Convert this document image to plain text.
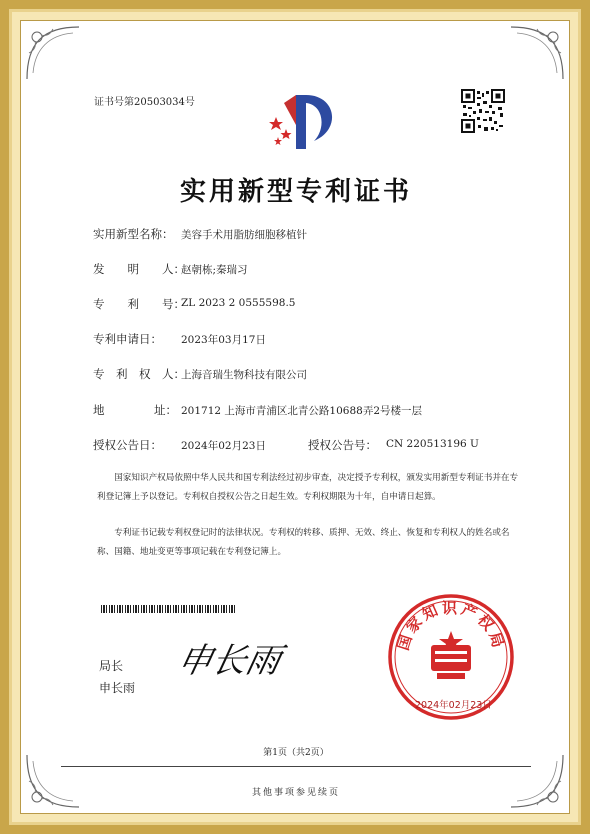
证书号第20503034号
实用新型专利证书
实用新型名称： 美容手术用脂肪细胞移植针
发　　明　　人：
赵朝栋;秦瑞习
专　　利　　号：
ZL 2023 2 0555598.5
专利申请日： 2023年03月17日
专　利　权　人：
上海音瑞生物科技有限公司
地	址： 201712 上海市青浦区北青公路10688弄2号楼一层
授权公告日： 2024年02月23日	授权公告号： CN 220513196 U
国家知识产权局依照中华人民共和国专利法经过初步审查，决定授予专利权，颁发实用新型专利证书并在专利登记簿上予以登记。专利权自授权公告之日起生效。专利权期限为十年，自申请日起算。
专利证书记载专利权登记时的法律状况。专利权的转移、质押、无效、终止、恢复和专利权人的姓名或名称、国籍、地址变更等事项记载在专利登记簿上。
申长雨
局长
申长雨
国家知识产权局
2024年02月23日
第1页（共2页）
其他事项参见续页
